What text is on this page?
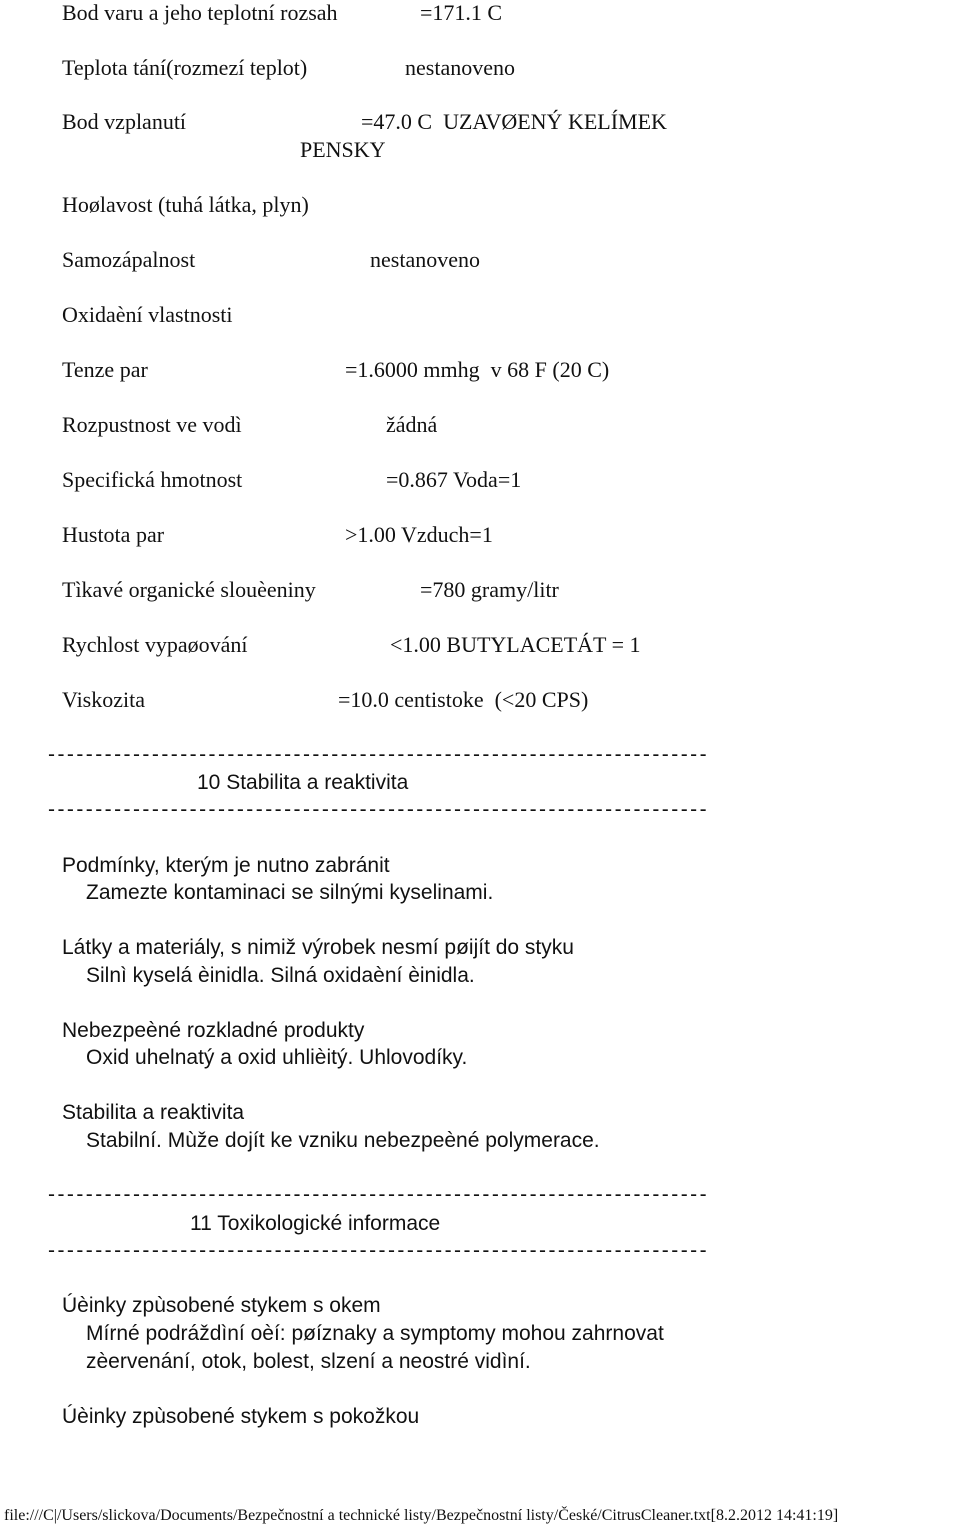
Bod varu a jeho teplotní rozsah	=171.1 C
Teplota tání(rozmezí teplot)	nestanoveno
Bod vzplanutí	=47.0 C  UZAVØENÝ KELÍMEK
PENSKY
Hoølavost (tuhá látka, plyn)
Samozápalnost	nestanoveno
Oxidaèní vlastnosti
Tenze par	=1.6000 mmhg  v 68 F (20 C)
Rozpustnost ve vodì	žádná
Specifická hmotnost	=0.867 Voda=1
Hustota par	>1.00 Vzduch=1
Tìkavé organické slouèeniny	=780 gramy/litr
Rychlost vypaøování	<1.00 BUTYLACETÁT = 1
Viskozita	=10.0 centistoke  (<20 CPS)
----------------------------------------------------------------------
10 Stabilita a reaktivita
----------------------------------------------------------------------
Podmínky, kterým je nutno zabránit
Zamezte kontaminaci se silnými kyselinami.
Látky a materiály, s nimiž výrobek nesmí pøijít do styku
Silnì kyselá èinidla. Silná oxidaèní èinidla.
Nebezpeèné rozkladné produkty
Oxid uhelnatý a oxid uhlièitý. Uhlovodíky.
Stabilita a reaktivita
Stabilní. Mùže dojít ke vzniku nebezpeèné polymerace.
----------------------------------------------------------------------
11 Toxikologické informace
----------------------------------------------------------------------
Úèinky zpùsobené stykem s okem
Mírné podráždìní oèí: pøíznaky a symptomy mohou zahrnovat
zèervenání, otok, bolest, slzení a neostré vidìní.
Úèinky zpùsobené stykem s pokožkou
file:///C|/Users/slickova/Documents/Bezpečnostní a technické listy/Bezpečnostní listy/České/CitrusCleaner.txt[8.2.2012 14:41:19]
